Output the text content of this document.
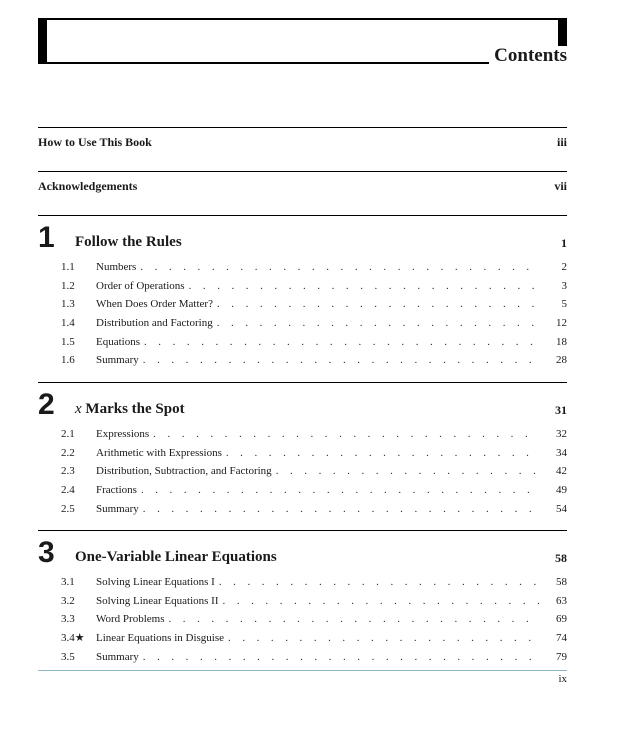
Contents
How to Use This Book	iii
Acknowledgements	vii
1 Follow the Rules	1
1.1	Numbers . . .	2
1.2	Order of Operations . . .	3
1.3	When Does Order Matter? . . .	5
1.4	Distribution and Factoring . . .	12
1.5	Equations . . .	18
1.6	Summary . . .	28
2 x Marks the Spot	31
2.1	Expressions . . .	32
2.2	Arithmetic with Expressions . . .	34
2.3	Distribution, Subtraction, and Factoring . . .	42
2.4	Fractions . . .	49
2.5	Summary . . .	54
3 One-Variable Linear Equations	58
3.1	Solving Linear Equations I . . .	58
3.2	Solving Linear Equations II . . .	63
3.3	Word Problems . . .	69
3.4★	Linear Equations in Disguise . . .	74
3.5	Summary . . .	79
ix
